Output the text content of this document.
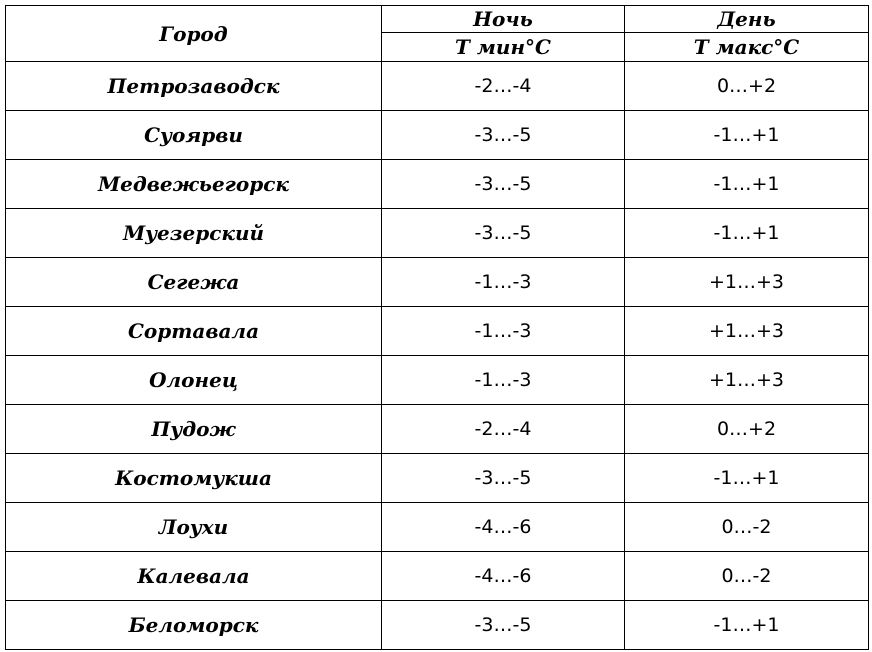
Город	Ночь	День
	Т мин°С	Т макс°С
Петрозаводск	-2…-4	0…+2
Суоярви	-3…-5	-1…+1
Медвежьегорск	-3…-5	-1…+1
Муезерский	-3…-5	-1…+1
Сегежа	-1…-3	+1…+3
Сортавала	-1…-3	+1…+3
Олонец	-1…-3	+1…+3
Пудож	-2…-4	0…+2
Костомукша	-3…-5	-1…+1
Лоухи	-4…-6	0…-2
Калевала	-4…-6	0…-2
Беломорск	-3…-5	-1…+1
